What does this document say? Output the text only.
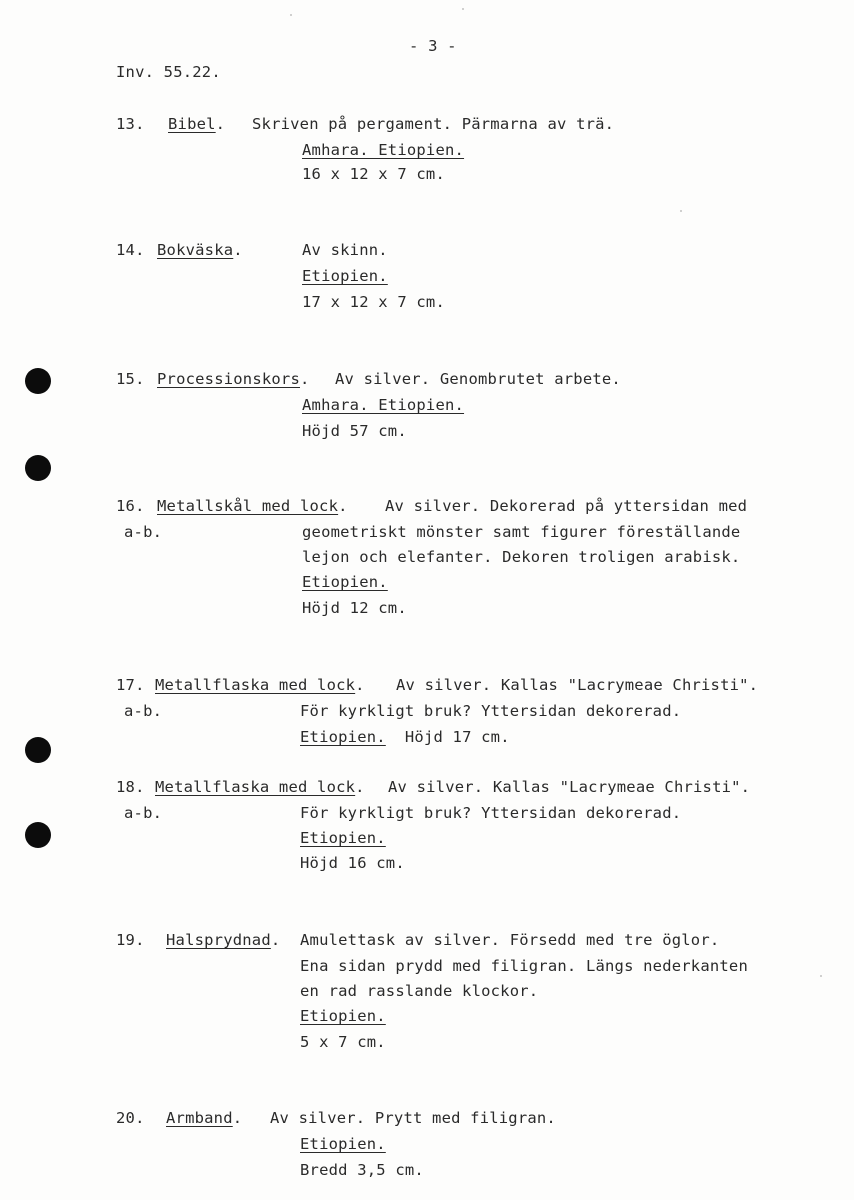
- 3 -
Inv. 55.22.
13. Bibel. Skriven på pergament. Pärmarna av trä.
Amhara. Etiopien.
16 x 12 x 7 cm.
14. Bokväska.	Av skinn.
Etiopien.
17 x 12 x 7 cm.
15. Processionskors. Av silver. Genombrutet arbete.
Amhara. Etiopien.
Höjd 57 cm.
16.
a-b.
Metallskål med lock. Av silver. Dekorerad på yttersidan med
geometriskt mönster samt figurer föreställande
lejon och elefanter. Dekoren troligen arabisk.
Etiopien.
Höjd 12 cm.
17.
a-b.
Metallflaska med lock. Av silver. Kallas "Lacrymeae Christi".
För kyrkligt bruk? Yttersidan dekorerad.
Etiopien. Höjd 17 cm.
18.
a-b.
Metallflaska med lock. Av silver. Kallas "Lacrymeae Christi".
För kyrkligt bruk? Yttersidan dekorerad.
Etiopien.
Höjd 16 cm.
19. Halsprydnad. Amulettask av silver. Försedd med tre öglor.
Ena sidan prydd med filigran. Längs nederkanten
en rad rasslande klockor.
Etiopien.
5 x 7 cm.
20. Armband. Av silver. Prytt med filigran.
Etiopien.
Bredd 3,5 cm.
